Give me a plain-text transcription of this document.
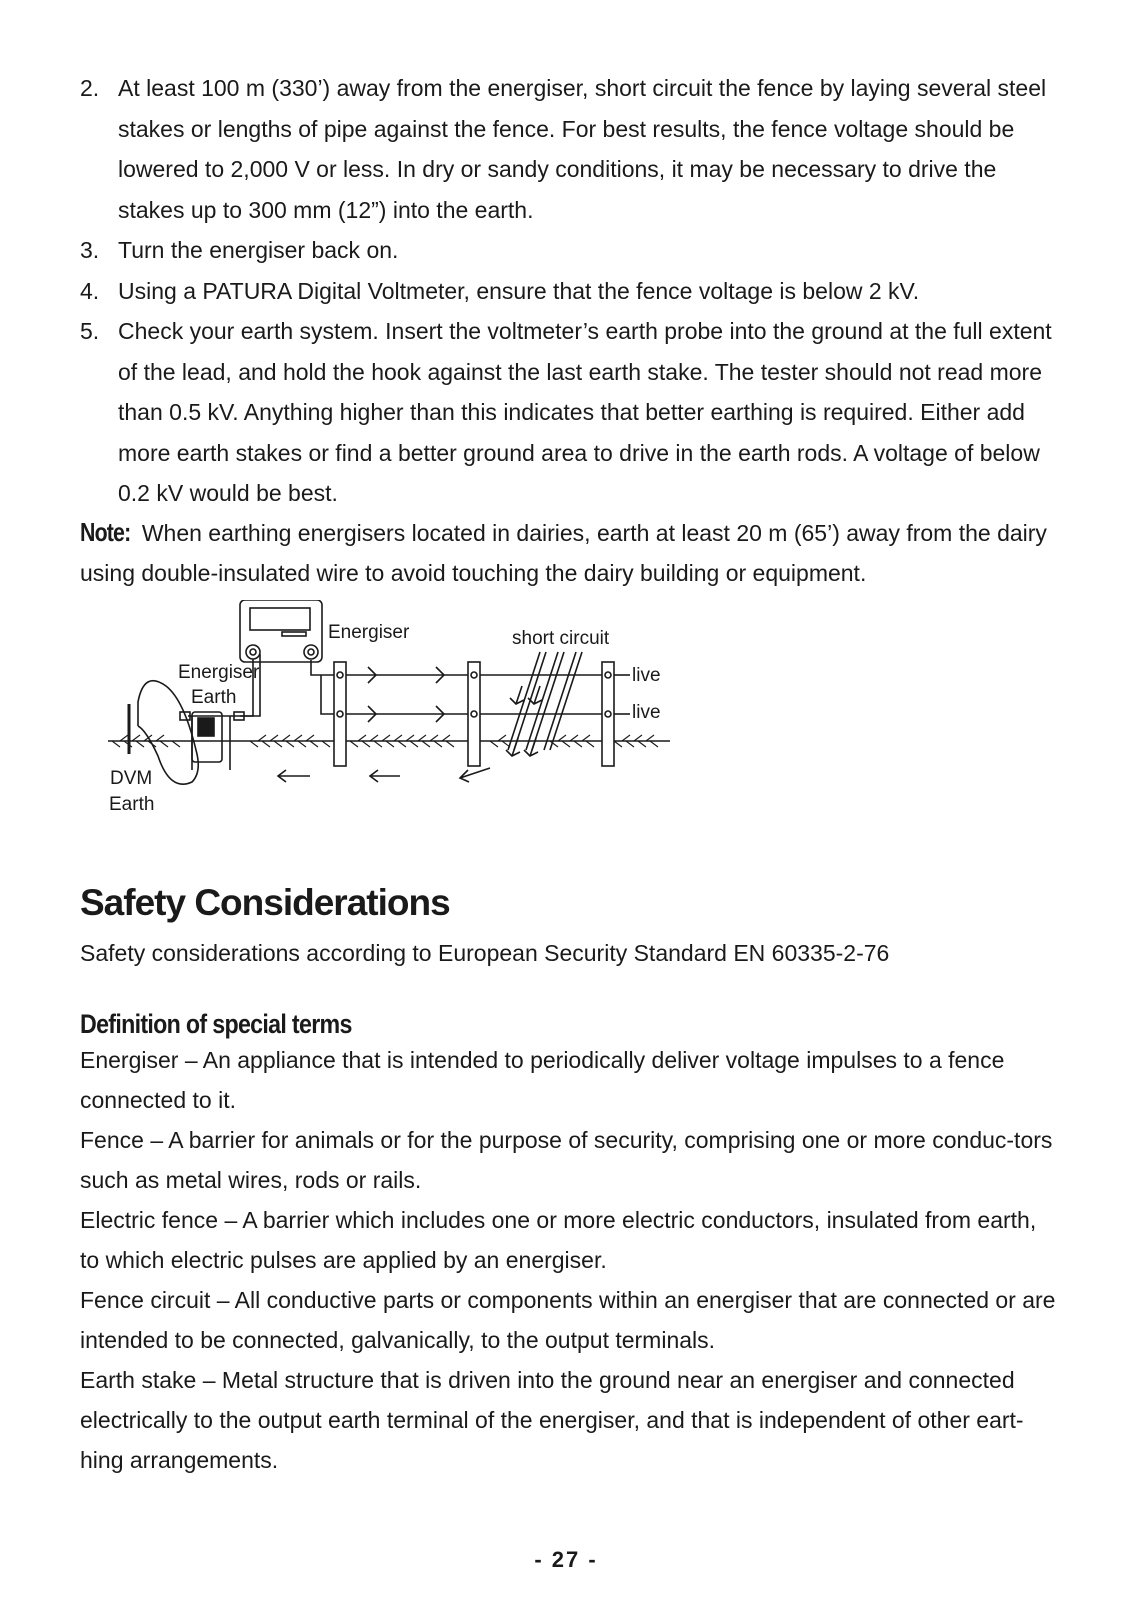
2. At least 100 m (330’) away from the energiser, short circuit the fence by laying several steel stakes or lengths of pipe against the fence. For best results, the fence voltage should be lowered to 2,000 V or less. In dry or sandy conditions, it may be necessary to drive the stakes up to 300 mm (12”) into the earth.
3. Turn the energiser back on.
4. Using a PATURA Digital Voltmeter, ensure that the fence voltage is below 2 kV.
5. Check your earth system. Insert the voltmeter’s earth probe into the ground at the full extent of the lead, and hold the hook against the last earth stake. The tester should not read more than 0.5 kV. Anything higher than this indicates that better earthing is required. Either add more earth stakes or find a better ground area to drive in the earth rods. A voltage of below 0.2 kV would be best.

Note: When earthing energisers located in dairies, earth at least 20 m (65’) away from the dairy using double-insulated wire to avoid touching the dairy building or equipment.

Energiser	short circuit
live
live
Energiser
Earth
DVM
Earth
Safety Considerations

Safety considerations according to European Security Standard EN 60335-2-76

Definition of special terms

Energiser – An appliance that is intended to periodically deliver voltage impulses to a fence connected to it.

Fence – A barrier for animals or for the purpose of security, comprising one or more conduc-tors such as metal wires, rods or rails.

Electric fence – A barrier which includes one or more electric conductors, insulated from earth, to which electric pulses are applied by an energiser.

Fence circuit – All conductive parts or components within an energiser that are connected or are intended to be connected, galvanically, to the output terminals.

Earth stake – Metal structure that is driven into the ground near an energiser and connected electrically to the output earth terminal of the energiser, and that is independent of other eart-hing arrangements.

- 27 -
